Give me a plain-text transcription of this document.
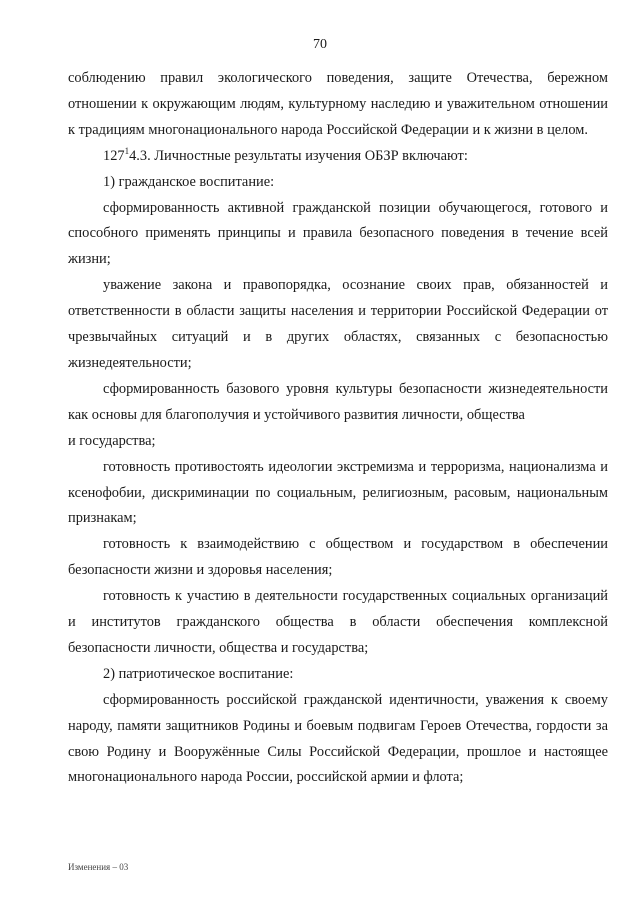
70

соблюдению правил экологического поведения, защите Отечества, бережном отношении к окружающим людям, культурному наследию и уважительном отношении к традициям многонационального народа Российской Федерации и к жизни в целом.

$127^14.3$. Личностные результаты изучения ОБЗР включают:

1) гражданское воспитание:

сформированность активной гражданской позиции обучающегося, готового и способного применять принципы и правила безопасного поведения в течение всей жизни;

уважение закона и правопорядка, осознание своих прав, обязанностей и ответственности в области защиты населения и территории Российской Федерации от чрезвычайных ситуаций и в других областях, связанных с безопасностью жизнедеятельности;

сформированность базового уровня культуры безопасности жизнедеятельности как основы для благополучия и устойчивого развития личности, общества

и государства;

готовность противостоять идеологии экстремизма и терроризма, национализма и ксенофобии, дискриминации по социальным, религиозным, расовым, национальным признакам;

готовность к взаимодействию с обществом и государством в обеспечении безопасности жизни и здоровья населения;

готовность к участию в деятельности государственных социальных организаций и институтов гражданского общества в области обеспечения комплексной безопасности личности, общества и государства;

2) патриотическое воспитание:

сформированность российской гражданской идентичности, уважения к своему народу, памяти защитников Родины и боевым подвигам Героев Отечества, гордости за свою Родину и Вооружённые Силы Российской Федерации, прошлое и настоящее многонационального народа России, российской армии и флота;

Изменения – 03
